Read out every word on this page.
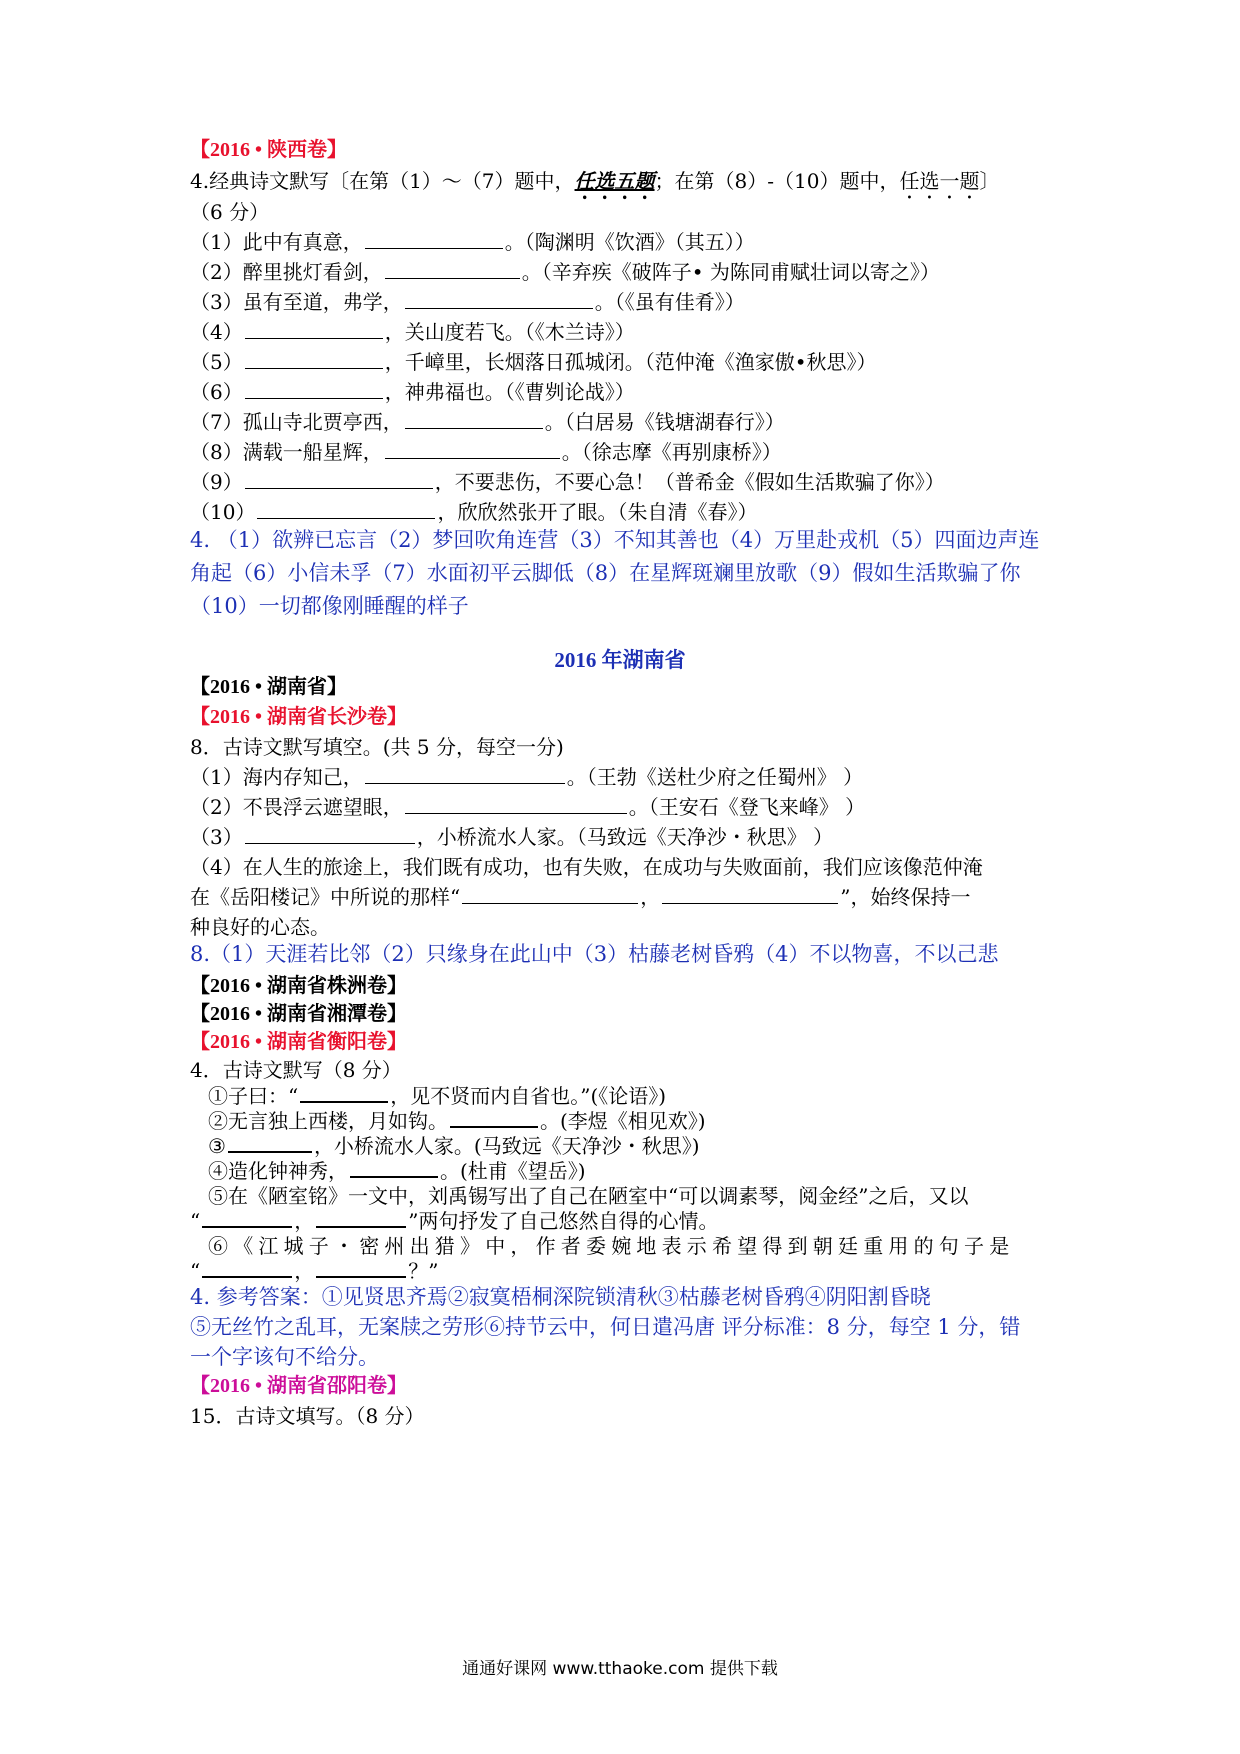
【2016 • 陕西卷】
4.经典诗文默写〔在第（1）～（7）题中，任选五题；在第（8）-（10）题中，任选一题〕
（6 分）
（1）此中有真意，	。（陶渊明《饮酒》（其五））
（2）醉里挑灯看剑，	。（辛弃疾《破阵子• 为陈同甫赋壮词以寄之》）
（3）虽有至道，弗学，	。（《虽有佳肴》）
（4）	，关山度若飞。（《木兰诗》）
（5）	，千嶂里，长烟落日孤城闭。（范仲淹《渔家傲•秋思》）
（6）	，神弗福也。（《曹刿论战》）
（7）孤山寺北贾亭西，	。（白居易《钱塘湖春行》）
（8）满载一船星辉，	。（徐志摩《再别康桥》）
（9）	，不要悲伤，不要心急！（普希金《假如生活欺骗了你》）
（10）	，欣欣然张开了眼。（朱自清《春》）
4. （1）欲辨已忘言（2）梦回吹角连营（3）不知其善也（4）万里赴戎机（5）四面边声连角起（6）小信未孚（7）水面初平云脚低（8）在星辉斑斓里放歌（9）假如生活欺骗了你（10）一切都像刚睡醒的样子
2016 年湖南省
【2016 • 湖南省】
【2016 • 湖南省长沙卷】
8．古诗文默写填空。(共 5 分，每空一分)
（1）海内存知己，	。（王勃《送杜少府之任蜀州》 ）
（2）不畏浮云遮望眼，	。（王安石《登飞来峰》 ）
（3）	，小桥流水人家。（马致远《天净沙・秋思》 ）
（4）在人生的旅途上，我们既有成功，也有失败，在成功与失败面前，我们应该像范仲淹
在《岳阳楼记》中所说的那样“	，	”，始终保持一
种良好的心态。
8.（1）天涯若比邻（2）只缘身在此山中（3）枯藤老树昏鸦（4）不以物喜，不以己悲
【2016 • 湖南省株洲卷】
【2016 • 湖南省湘潭卷】
【2016 • 湖南省衡阳卷】
4．古诗文默写（8 分）
①子曰：“	，见不贤而内自省也。”(《论语》)
②无言独上西楼，月如钩。	。(李煜《相见欢》)
③	，小桥流水人家。(马致远《天净沙・秋思》)
④造化钟神秀，	。(杜甫《望岳》)
⑤在《陋室铭》一文中，刘禹锡写出了自己在陋室中“可以调素琴，阅金经”之后，又以
“	，	”两句抒发了自己悠然自得的心情。
⑥《江城子・密州出猎》中，作者委婉地表示希望得到朝廷重用的句子是
“	，	？”
4. 参考答案：①见贤思齐焉②寂寞梧桐深院锁清秋③枯藤老树昏鸦④阴阳割昏晓
⑤无丝竹之乱耳，无案牍之劳形⑥持节云中，何日遣冯唐 评分标准：8 分，每空 1 分，错
一个字该句不给分。
【2016 • 湖南省邵阳卷】
15．古诗文填写。（8 分）
通通好课网 www.tthaoke.com 提供下载
